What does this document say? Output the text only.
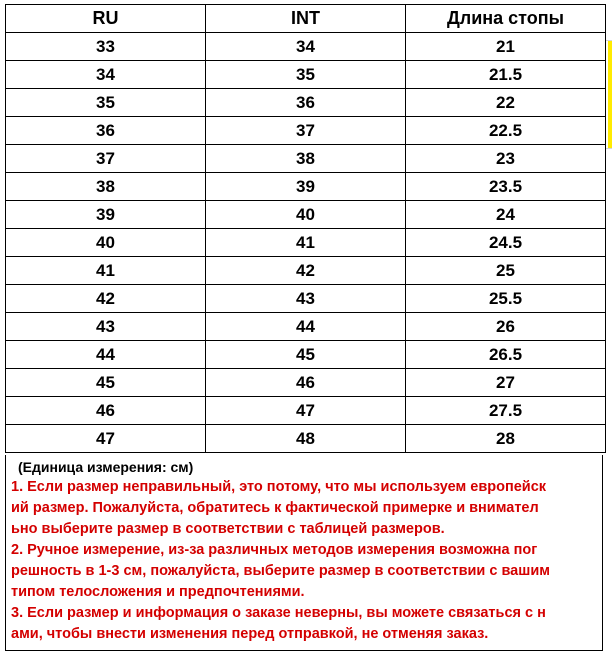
RU	INT	Длина стопы
33	34	21
34	35	21.5
35	36	22
36	37	22.5
37	38	23
38	39	23.5
39	40	24
40	41	24.5
41	42	25
42	43	25.5
43	44	26
44	45	26.5
45	46	27
46	47	27.5
47	48	28
(Единица измерения: см)
1. Если размер неправильный, это потому, что мы используем европейск
ий размер. Пожалуйста, обратитесь к фактической примерке и внимател
ьно выберите размер в соответствии с таблицей размеров.
2. Ручное измерение, из-за различных методов измерения возможна пог
решность в 1-3 см, пожалуйста, выберите размер в соответствии с вашим
типом телосложения и предпочтениями.
3. Если размер и информация о заказе неверны, вы можете связаться с н
ами, чтобы внести изменения перед отправкой, не отменяя заказ.
